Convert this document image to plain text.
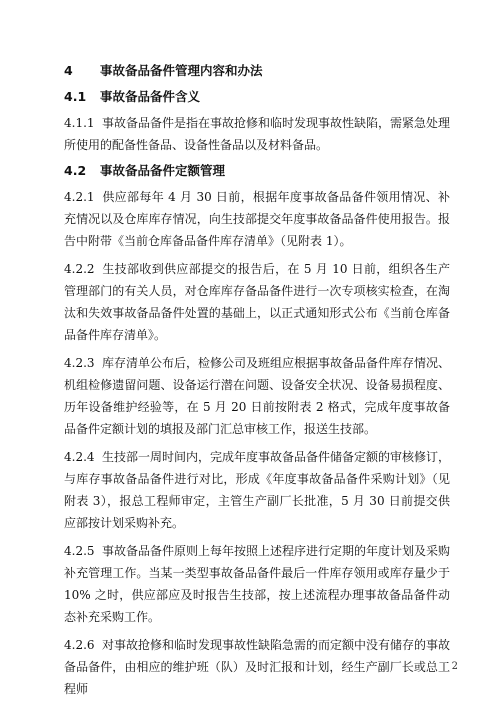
4	事故备品备件管理内容和办法
4.1	事故备品备件含义

4.1.1 事故备品备件是指在事故抢修和临时发现事故性缺陷，需紧急处理所使用的配备性备品、设备性备品以及材料备品。

4.2	事故备品备件定额管理

4.2.1 供应部每年 4 月 30 日前，根据年度事故备品备件领用情况、补充情况以及仓库库存情况，向生技部提交年度事故备品备件使用报告。报告中附带《当前仓库备品备件库存清单》（见附表 1）。

4.2.2 生技部收到供应部提交的报告后，在 5 月 10 日前，组织各生产管理部门的有关人员，对仓库库存备品备件进行一次专项核实检查，在淘汰和失效事故备品备件处置的基础上，以正式通知形式公布《当前仓库备品备件库存清单》。

4.2.3 库存清单公布后，检修公司及班组应根据事故备品备件库存情况、机组检修遗留问题、设备运行潜在问题、设备安全状况、设备易损程度、历年设备维护经验等，在 5 月 20 日前按附表 2 格式，完成年度事故备品备件定额计划的填报及部门汇总审核工作，报送生技部。

4.2.4 生技部一周时间内，完成年度事故备品备件储备定额的审核修订，与库存事故备品备件进行对比，形成《年度事故备品备件采购计划》（见附表 3），报总工程师审定，主管生产副厂长批准，5 月 30 日前提交供应部按计划采购补充。

4.2.5 事故备品备件原则上每年按照上述程序进行定期的年度计划及采购补充管理工作。当某一类型事故备品备件最后一件库存领用或库存量少于 10% 之时，供应部应及时报告生技部，按上述流程办理事故备品备件动态补充采购工作。

4.2.6 对事故抢修和临时发现事故性缺陷急需的而定额中没有储存的事故备品备件，由相应的维护班（队）及时汇报和计划，经生产副厂长或总工程师

2
